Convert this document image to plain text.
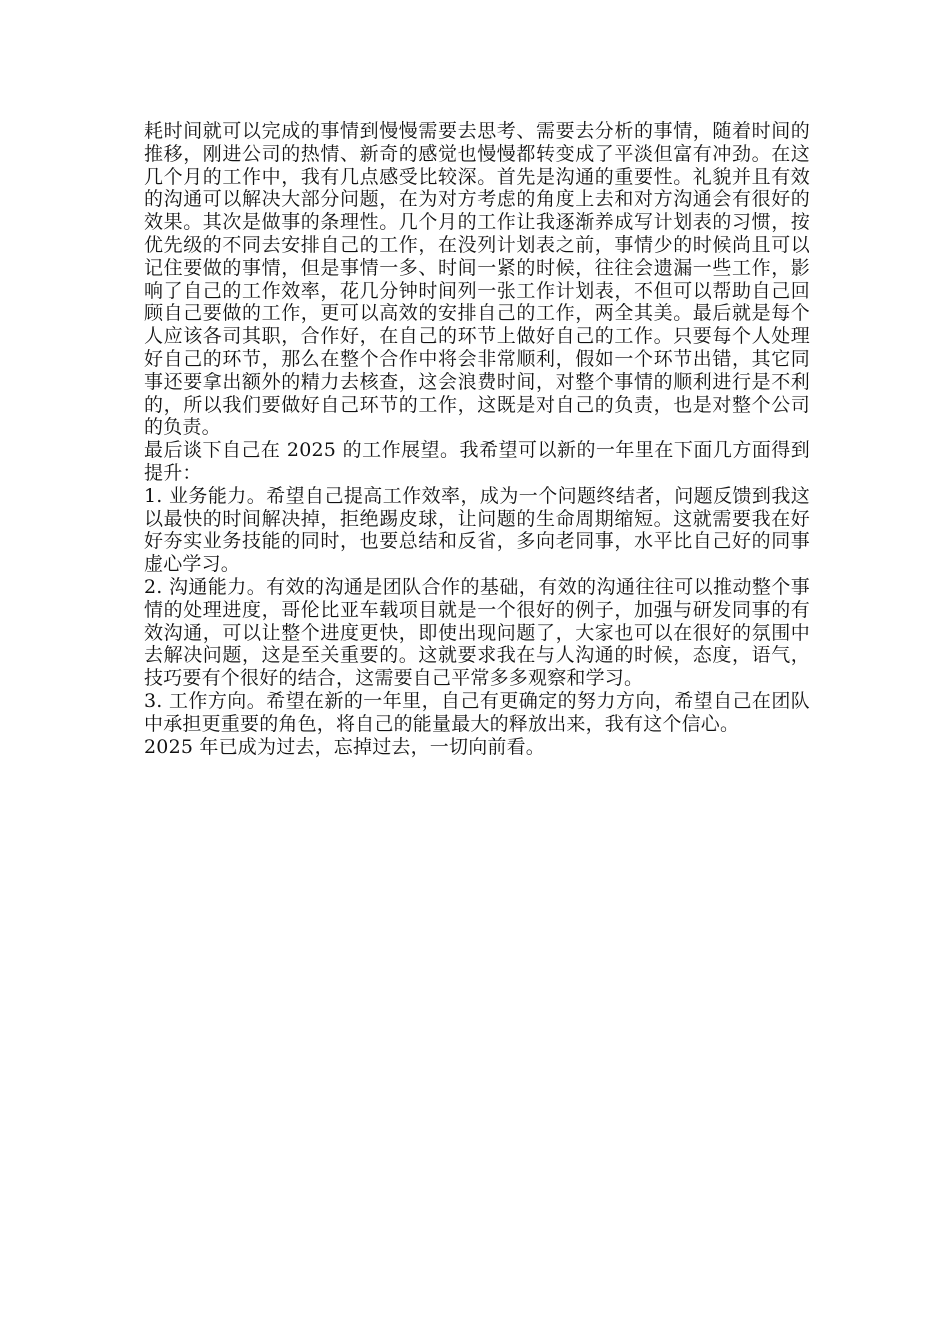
耗时间就可以完成的事情到慢慢需要去思考、需要去分析的事情，随着时间的推移，刚进公司的热情、新奇的感觉也慢慢都转变成了平淡但富有冲劲。在这几个月的工作中，我有几点感受比较深。首先是沟通的重要性。礼貌并且有效的沟通可以解决大部分问题，在为对方考虑的角度上去和对方沟通会有很好的效果。其次是做事的条理性。几个月的工作让我逐渐养成写计划表的习惯，按优先级的不同去安排自己的工作，在没列计划表之前，事情少的时候尚且可以记住要做的事情，但是事情一多、时间一紧的时候，往往会遗漏一些工作，影响了自己的工作效率，花几分钟时间列一张工作计划表，不但可以帮助自己回顾自己要做的工作，更可以高效的安排自己的工作，两全其美。最后就是每个人应该各司其职，合作好，在自己的环节上做好自己的工作。只要每个人处理好自己的环节，那么在整个合作中将会非常顺利，假如一个环节出错，其它同事还要拿出额外的精力去核查，这会浪费时间，对整个事情的顺利进行是不利的，所以我们要做好自己环节的工作，这既是对自己的负责，也是对整个公司的负责。

最后谈下自己在 2025 的工作展望。我希望可以新的一年里在下面几方面得到提升：

1. 业务能力。希望自己提高工作效率，成为一个问题终结者，问题反馈到我这以最快的时间解决掉，拒绝踢皮球，让问题的生命周期缩短。这就需要我在好好夯实业务技能的同时，也要总结和反省，多向老同事，水平比自己好的同事虚心学习。

2. 沟通能力。有效的沟通是团队合作的基础，有效的沟通往往可以推动整个事情的处理进度，哥伦比亚车载项目就是一个很好的例子，加强与研发同事的有效沟通，可以让整个进度更快，即使出现问题了，大家也可以在很好的氛围中去解决问题，这是至关重要的。这就要求我在与人沟通的时候，态度，语气，技巧要有个很好的结合，这需要自己平常多多观察和学习。

3. 工作方向。希望在新的一年里，自己有更确定的努力方向，希望自己在团队中承担更重要的角色，将自己的能量最大的释放出来，我有这个信心。

2025 年已成为过去，忘掉过去，一切向前看。
